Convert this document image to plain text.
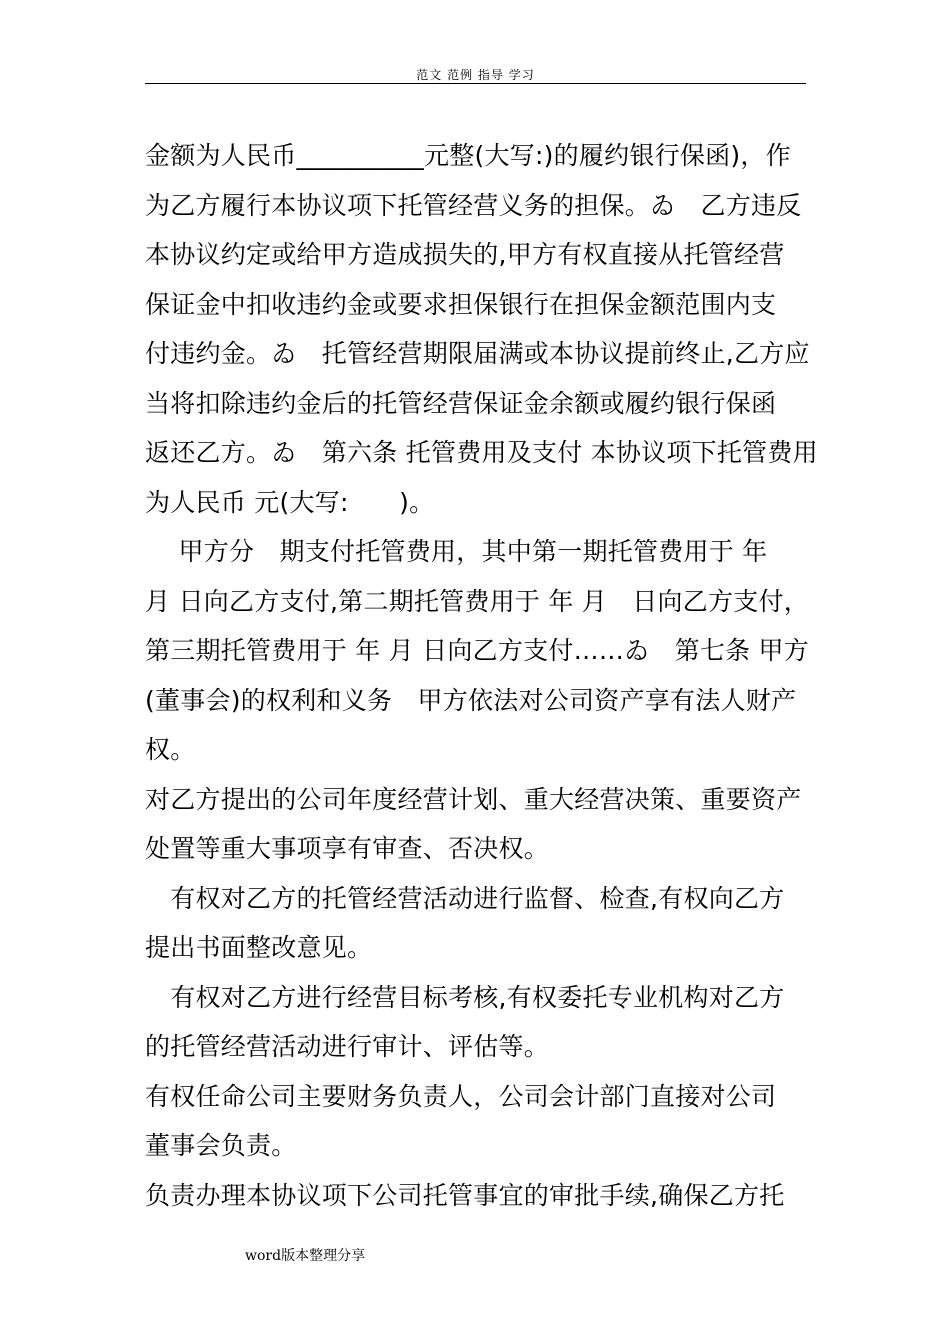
范文 范例 指导 学习
金额为人民币__________元整(大写:)的履约银行保函)，作
为乙方履行本协议项下托管经营义务的担保。ゐ　乙方违反
本协议约定或给甲方造成损失的,甲方有权直接从托管经营
保证金中扣收违约金或要求担保银行在担保金额范围内支
付违约金。ゐ　托管经营期限届满或本协议提前终止,乙方应
当将扣除违约金后的托管经营保证金余额或履约银行保函
返还乙方。ゐ　第六条 托管费用及支付 本协议项下托管费用
为人民币 元(大写:　　)。
　 甲方分　期支付托管费用，其中第一期托管费用于 年
月 日向乙方支付,第二期托管费用于 年 月　日向乙方支付，
第三期托管费用于 年 月 日向乙方支付……ゐ　第七条 甲方
(董事会)的权利和义务　甲方依法对公司资产享有法人财产
权。
对乙方提出的公司年度经营计划、重大经营决策、重要资产
处置等重大事项享有审查、否决权。
　有权对乙方的托管经营活动进行监督、检查,有权向乙方
提出书面整改意见。
　有权对乙方进行经营目标考核,有权委托专业机构对乙方
的托管经营活动进行审计、评估等。
有权任命公司主要财务负责人，公司会计部门直接对公司
董事会负责。
负责办理本协议项下公司托管事宜的审批手续,确保乙方托
word版本整理分享
